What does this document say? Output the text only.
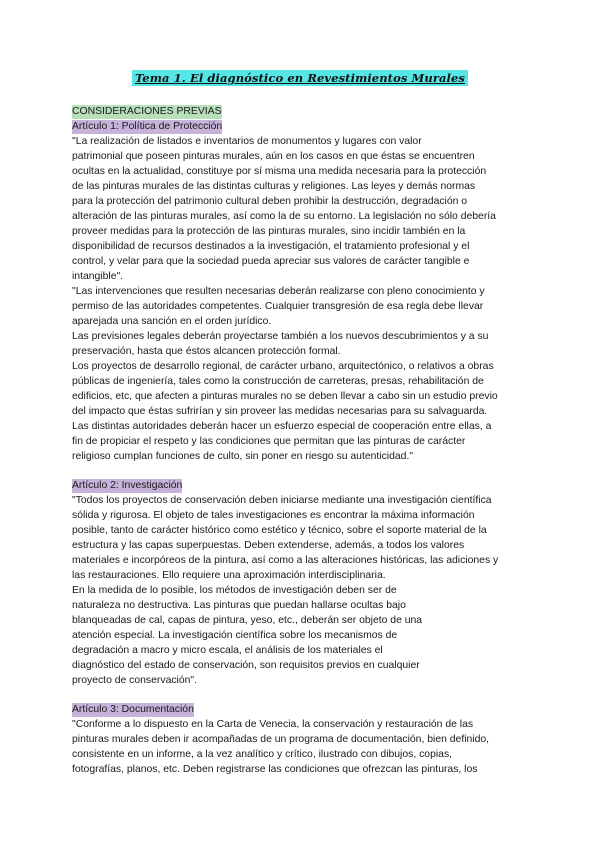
Tema 1. El diagnóstico en Revestimientos Murales
CONSIDERACIONES PREVIAS
Artículo 1: Política de Protección
"La realización de listados e inventarios de monumentos y lugares con valor
patrimonial que poseen pinturas murales, aún en los casos en que éstas se encuentren
ocultas en la actualidad, constituye por sí misma una medida necesaria para la protección
de las pinturas murales de las distintas culturas y religiones. Las leyes y demás normas
para la protección del patrimonio cultural deben prohibir la destrucción, degradación o
alteración de las pinturas murales, así como la de su entorno. La legislación no sólo debería
proveer medidas para la protección de las pinturas murales, sino incidir también en la
disponibilidad de recursos destinados a la investigación, el tratamiento profesional y el
control, y velar para que la sociedad pueda apreciar sus valores de carácter tangible e
intangible".
"Las intervenciones que resulten necesarias deberán realizarse con pleno conocimiento y
permiso de las autoridades competentes. Cualquier transgresión de esa regla debe llevar
aparejada una sanción en el orden jurídico.
Las previsiones legales deberán proyectarse también a los nuevos descubrimientos y a su
preservación, hasta que éstos alcancen protección formal.
Los proyectos de desarrollo regional, de carácter urbano, arquitectónico, o relativos a obras
públicas de ingeniería, tales como la construcción de carreteras, presas, rehabilitación de
edificios, etc, que afecten a pinturas murales no se deben llevar a cabo sin un estudio previo
del impacto que éstas sufrirían y sin proveer las medidas necesarias para su salvaguarda.
Las distintas autoridades deberán hacer un esfuerzo especial de cooperación entre ellas, a
fin de propiciar el respeto y las condiciones que permitan que las pinturas de carácter
religioso cumplan funciones de culto, sin poner en riesgo su autenticidad."
Artículo 2: Investigación
"Todos los proyectos de conservación deben iniciarse mediante una investigación científica
sólida y rigurosa. El objeto de tales investigaciones es encontrar la máxima información
posible, tanto de carácter histórico como estético y técnico, sobre el soporte material de la
estructura y las capas superpuestas. Deben extenderse, además, a todos los valores
materiales e incorpóreos de la pintura, así como a las alteraciones históricas, las adiciones y
las restauraciones. Ello requiere una aproximación interdisciplinaria.
En la medida de lo posible, los métodos de investigación deben ser de
naturaleza no destructiva. Las pinturas que puedan hallarse ocultas bajo
blanqueadas de cal, capas de pintura, yeso, etc., deberán ser objeto de una
atención especial. La investigación científica sobre los mecanismos de
degradación a macro y micro escala, el análisis de los materiales el
diagnóstico del estado de conservación, son requisitos previos en cualquier
proyecto de conservación".
Artículo 3: Documentación
"Conforme a lo dispuesto en la Carta de Venecia, la conservación y restauración de las
pinturas murales deben ir acompañadas de un programa de documentación, bien definido,
consistente en un informe, a la vez analítico y crítico, ilustrado con dibujos, copias,
fotografías, planos, etc. Deben registrarse las condiciones que ofrezcan las pinturas, los
